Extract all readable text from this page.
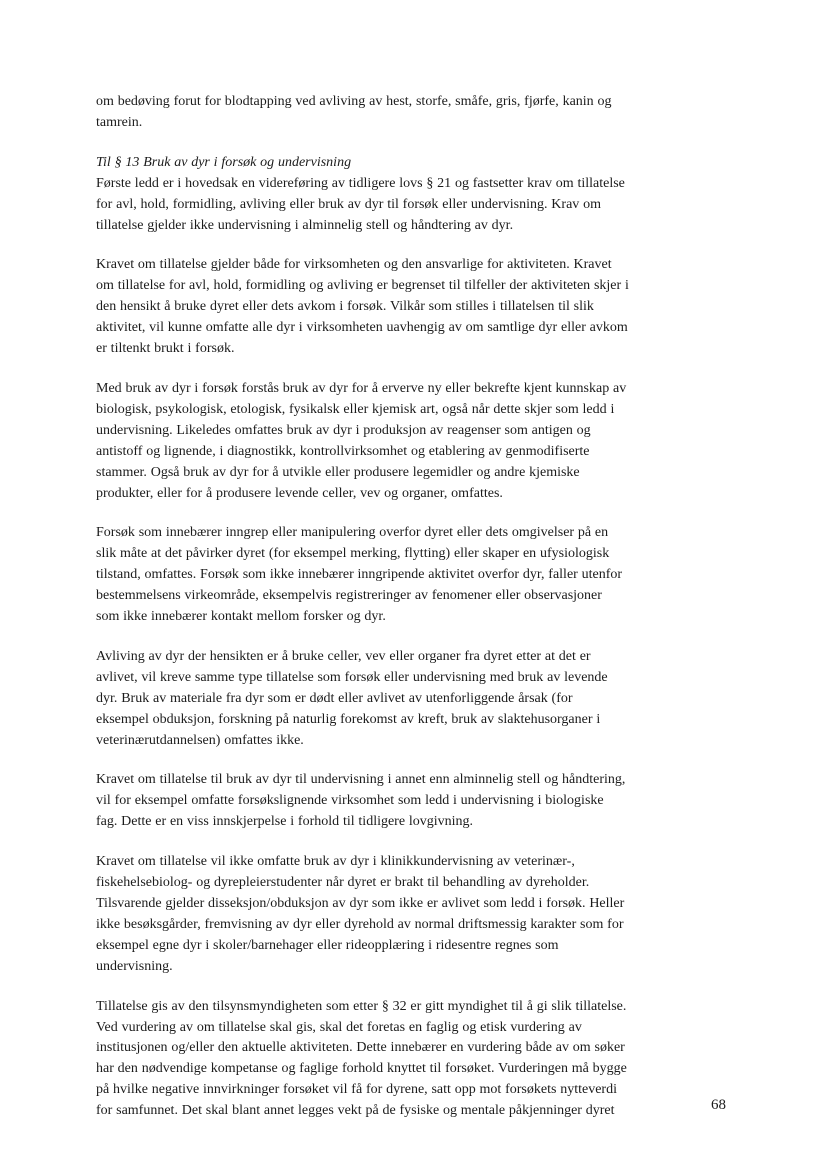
om bedøving forut for blodtapping ved avliving av hest, storfe, småfe, gris, fjørfe, kanin og
tamrein.

Til § 13 Bruk av dyr i forsøk og undervisning
Første ledd er i hovedsak en videreføring av tidligere lovs § 21 og fastsetter krav om tillatelse
for avl, hold, formidling, avliving eller bruk av dyr til forsøk eller undervisning. Krav om
tillatelse gjelder ikke undervisning i alminnelig stell og håndtering av dyr.

Kravet om tillatelse gjelder både for virksomheten og den ansvarlige for aktiviteten. Kravet
om tillatelse for avl, hold, formidling og avliving er begrenset til tilfeller der aktiviteten skjer i
den hensikt å bruke dyret eller dets avkom i forsøk. Vilkår som stilles i tillatelsen til slik
aktivitet, vil kunne omfatte alle dyr i virksomheten uavhengig av om samtlige dyr eller avkom
er tiltenkt brukt i forsøk.

Med bruk av dyr i forsøk forstås bruk av dyr for å erverve ny eller bekrefte kjent kunnskap av
biologisk, psykologisk, etologisk, fysikalsk eller kjemisk art, også når dette skjer som ledd i
undervisning. Likeledes omfattes bruk av dyr i produksjon av reagenser som antigen og
antistoff og lignende, i diagnostikk, kontrollvirksomhet og etablering av genmodifiserte
stammer. Også bruk av dyr for å utvikle eller produsere legemidler og andre kjemiske
produkter, eller for å produsere levende celler, vev og organer, omfattes.

Forsøk som innebærer inngrep eller manipulering overfor dyret eller dets omgivelser på en
slik måte at det påvirker dyret (for eksempel merking, flytting) eller skaper en ufysiologisk
tilstand, omfattes. Forsøk som ikke innebærer inngripende aktivitet overfor dyr, faller utenfor
bestemmelsens virkeområde, eksempelvis registreringer av fenomener eller observasjoner
som ikke innebærer kontakt mellom forsker og dyr.

Avliving av dyr der hensikten er å bruke celler, vev eller organer fra dyret etter at det er
avlivet, vil kreve samme type tillatelse som forsøk eller undervisning med bruk av levende
dyr. Bruk av materiale fra dyr som er dødt eller avlivet av utenforliggende årsak (for
eksempel obduksjon, forskning på naturlig forekomst av kreft, bruk av slaktehusorganer i
veterinærutdannelsen) omfattes ikke.

Kravet om tillatelse til bruk av dyr til undervisning i annet enn alminnelig stell og håndtering,
vil for eksempel omfatte forsøkslignende virksomhet som ledd i undervisning i biologiske
fag. Dette er en viss innskjerpelse i forhold til tidligere lovgivning.

Kravet om tillatelse vil ikke omfatte bruk av dyr i klinikkundervisning av veterinær-,
fiskehelsebiolog- og dyrepleierstudenter når dyret er brakt til behandling av dyreholder.
Tilsvarende gjelder disseksjon/obduksjon av dyr som ikke er avlivet som ledd i forsøk. Heller
ikke besøksgårder, fremvisning av dyr eller dyrehold av normal driftsmessig karakter som for
eksempel egne dyr i skoler/barnehager eller rideopplæring i ridesentre regnes som
undervisning.

Tillatelse gis av den tilsynsmyndigheten som etter § 32 er gitt myndighet til å gi slik tillatelse.
Ved vurdering av om tillatelse skal gis, skal det foretas en faglig og etisk vurdering av
institusjonen og/eller den aktuelle aktiviteten. Dette innebærer en vurdering både av om søker
har den nødvendige kompetanse og faglige forhold knyttet til forsøket. Vurderingen må bygge
på hvilke negative innvirkninger forsøket vil få for dyrene, satt opp mot forsøkets nytteverdi
for samfunnet. Det skal blant annet legges vekt på de fysiske og mentale påkjenninger dyret	68
